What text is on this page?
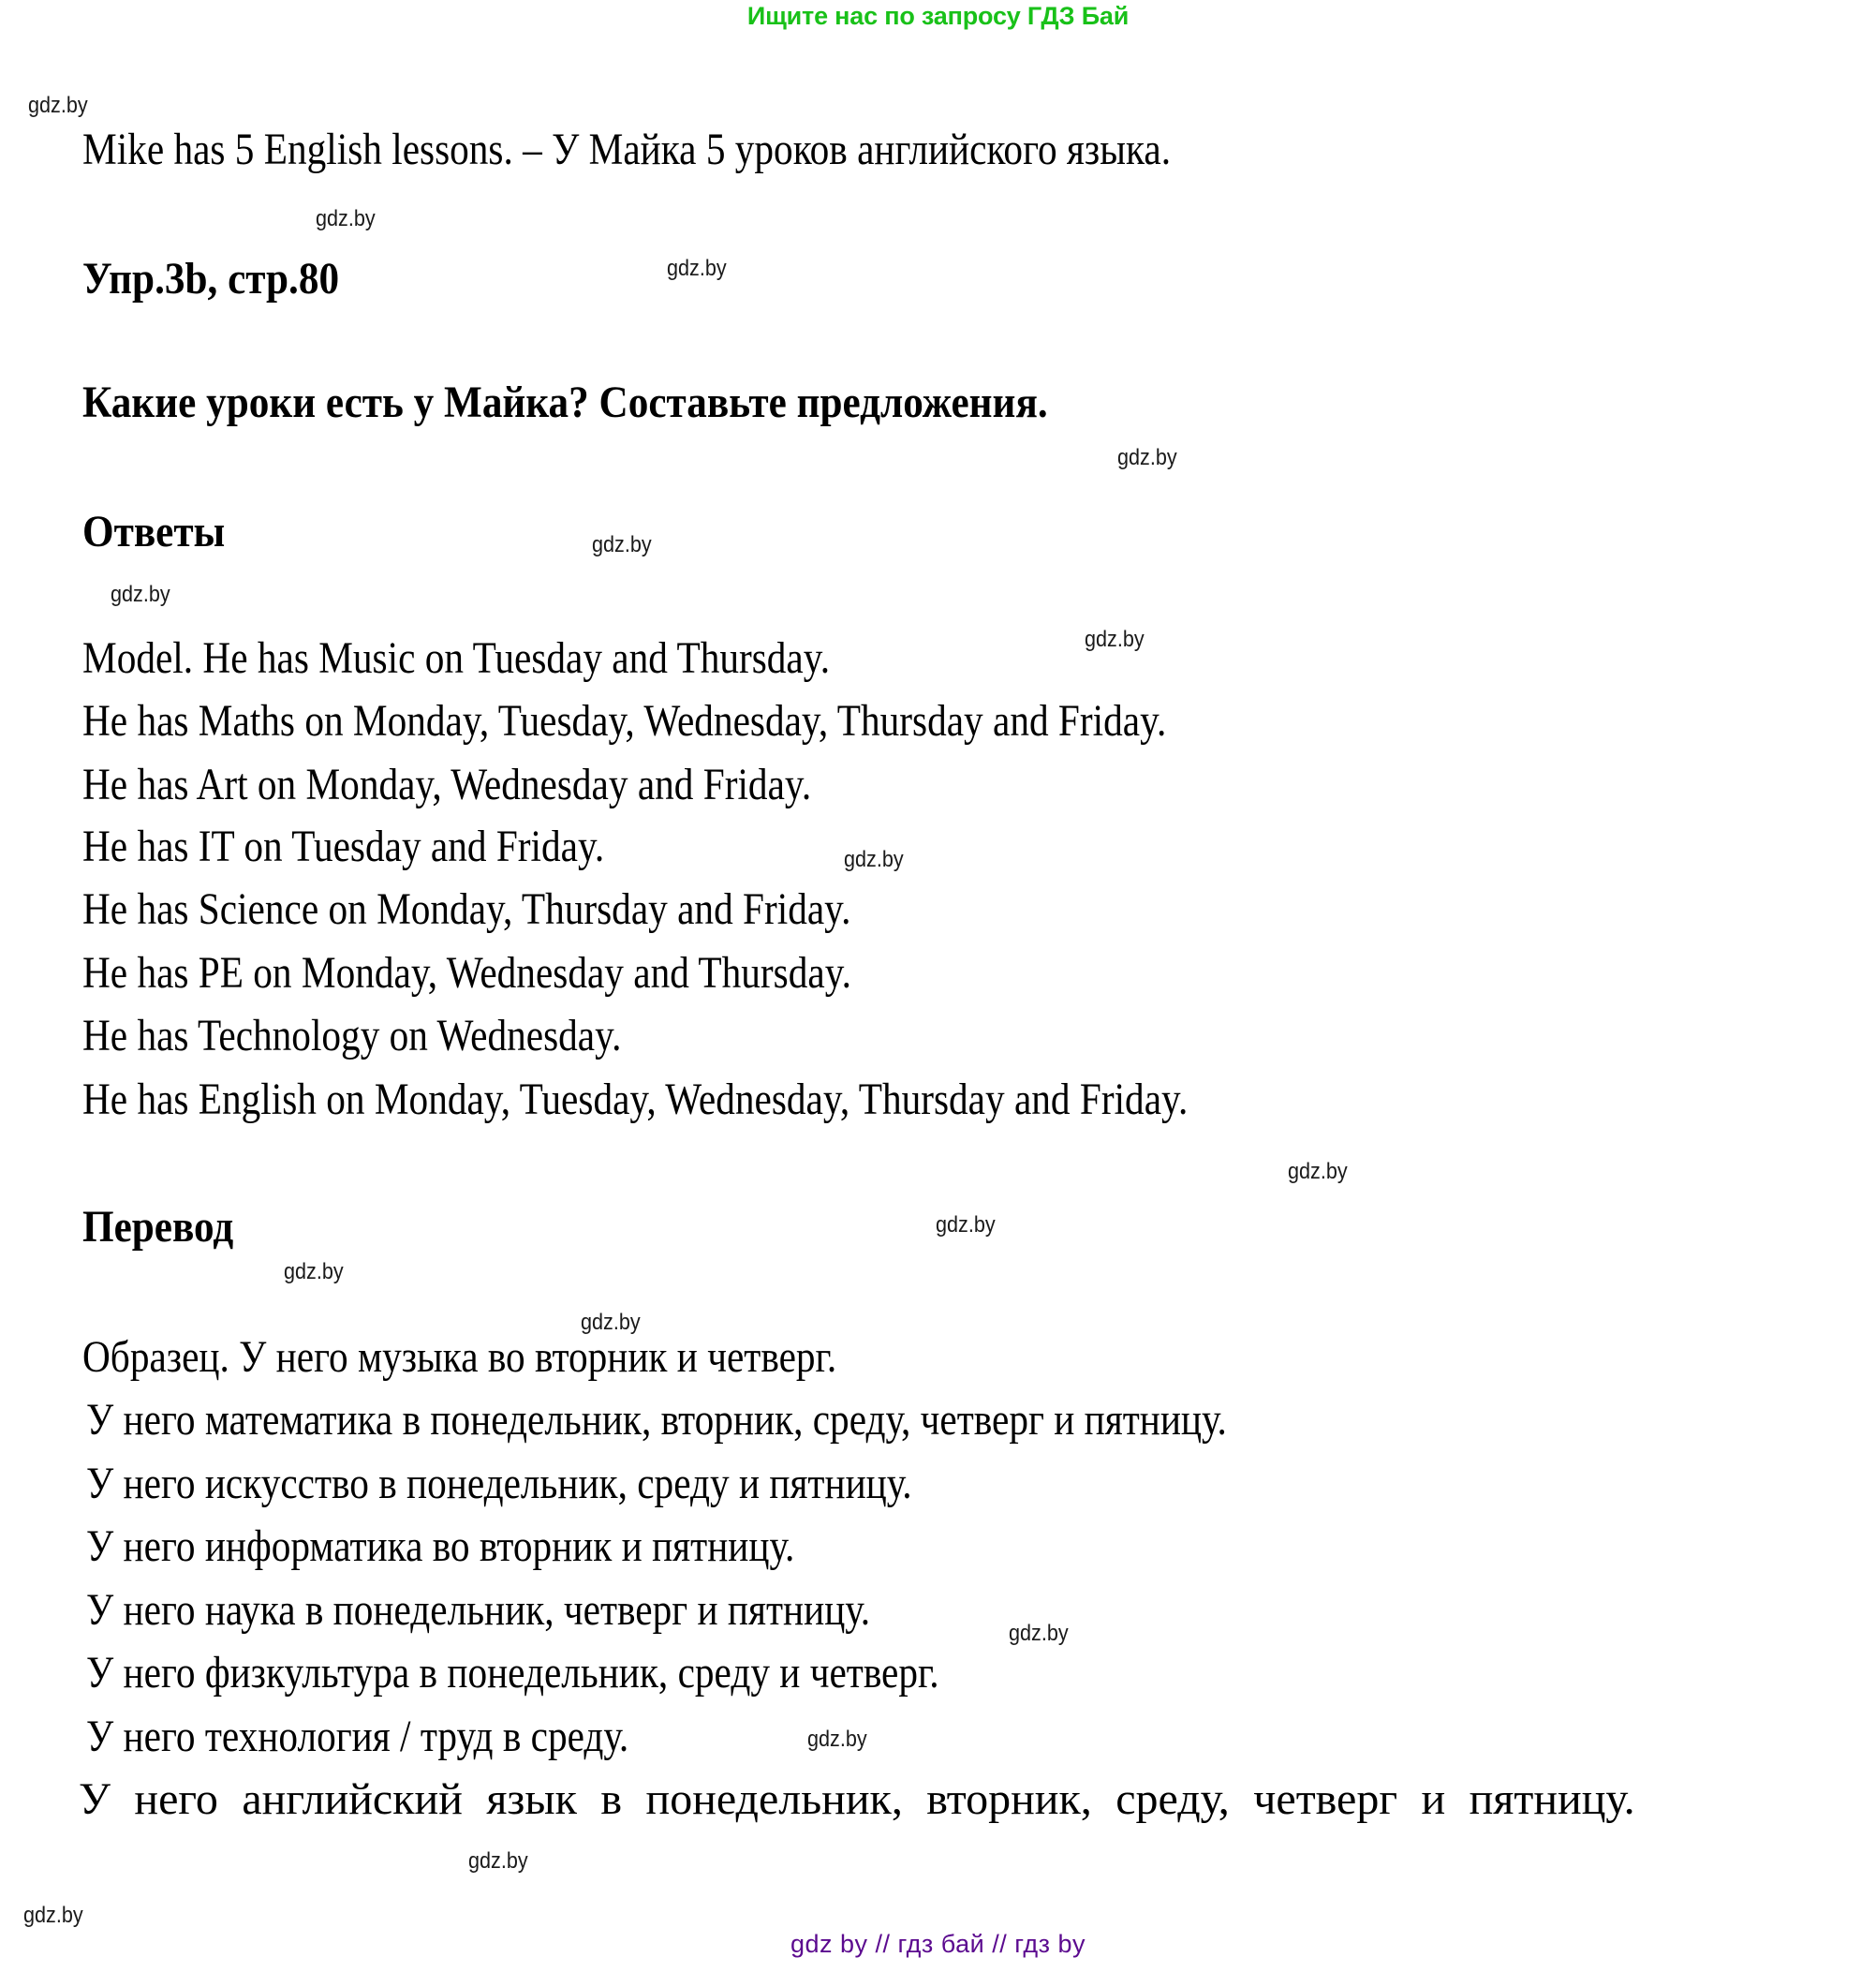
Ищите нас по запросу ГДЗ Бай
gdz.by
gdz.by
gdz.by
gdz.by
gdz.by
gdz.by
gdz.by
gdz.by
gdz.by
gdz.by
gdz.by
gdz.by
gdz.by
gdz.by
gdz.by
gdz.by
Mike has 5 English lessons. – У Майка 5 уроков английского языка.
Упр.3b, стр.80
Какие уроки есть у Майка? Составьте предложения.
Ответы
Model. He has Music on Tuesday and Thursday.
He has Maths on Monday, Tuesday, Wednesday, Thursday and Friday.
He has Art on Monday, Wednesday and Friday.
He has IT on Tuesday and Friday.
He has Science on Monday, Thursday and Friday.
He has PE on Monday, Wednesday and Thursday.
He has Technology on Wednesday.
He has English on Monday, Tuesday, Wednesday, Thursday and Friday.
Перевод
Образец. У него музыка во вторник и четверг.
У него математика в понедельник, вторник, среду, четверг и пятницу.
У него искусство в понедельник, среду и пятницу.
У него информатика во вторник и пятницу.
У него наука в понедельник, четверг и пятницу.
У него физкультура в понедельник, среду и четверг.
У него технология / труд в среду.
У него английский язык в понедельник, вторник, среду, четверг и пятницу.
gdz by // гдз бай // гдз by
